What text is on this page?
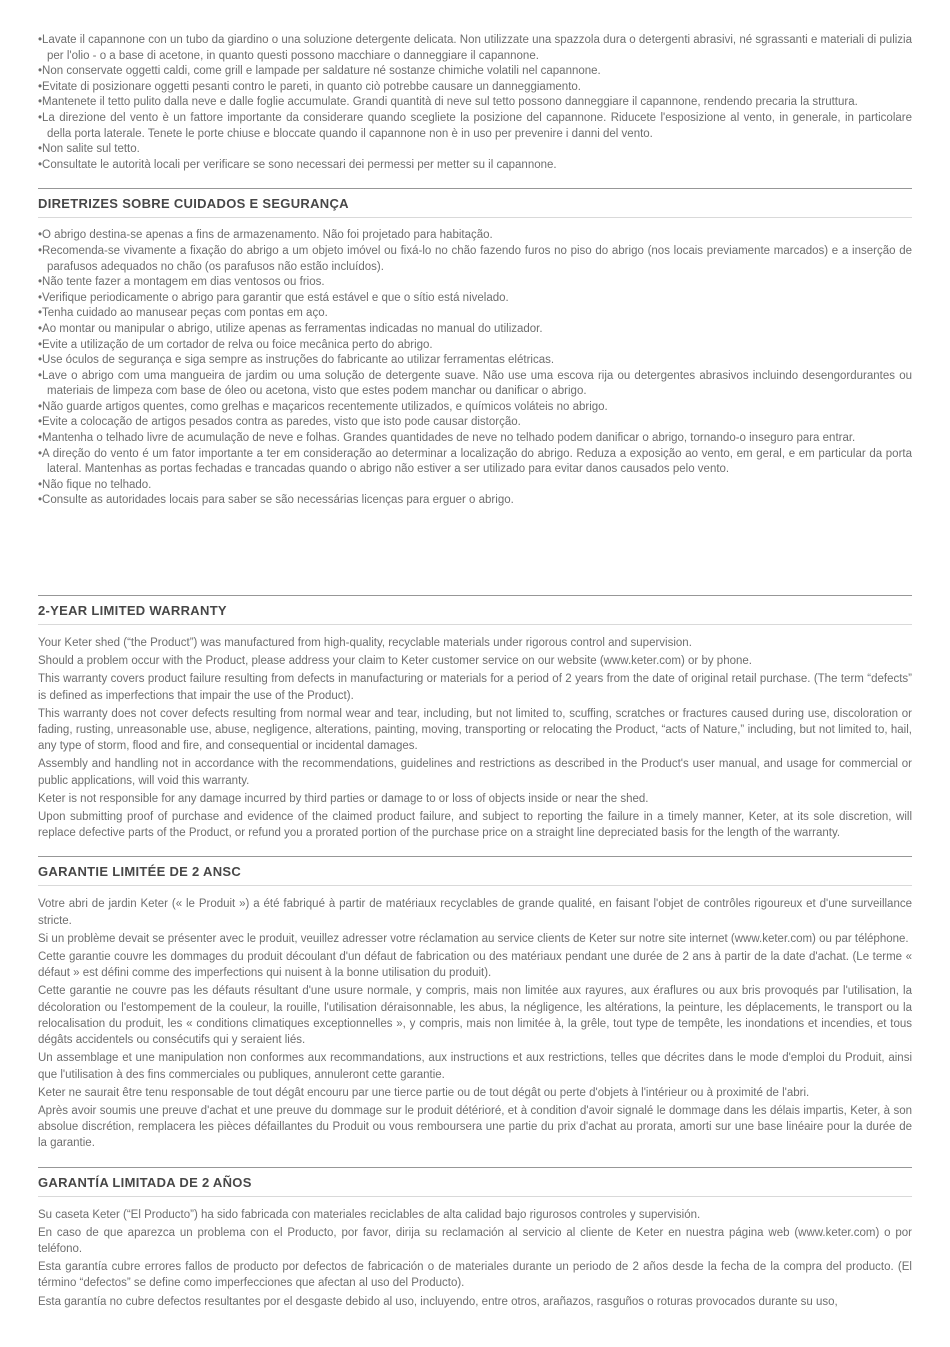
• Lavate il capannone con un tubo da giardino o una soluzione detergente delicata. Non utilizzate una spazzola dura o detergenti abrasivi, né sgrassanti e materiali di pulizia per l'olio - o a base di acetone, in quanto questi possono macchiare o danneggiare il capannone.
• Non conservate oggetti caldi, come grill e lampade per saldature né sostanze chimiche volatili nel capannone.
• Evitate di posizionare oggetti pesanti contro le pareti, in quanto ciò potrebbe causare un danneggiamento.
• Mantenete il tetto pulito dalla neve e dalle foglie accumulate. Grandi quantità di neve sul tetto possono danneggiare il capannone, rendendo precaria la struttura.
• La direzione del vento è un fattore importante da considerare quando scegliete la posizione del capannone. Riducete l'esposizione al vento, in generale, in particolare della porta laterale. Tenete le porte chiuse e bloccate quando il capannone non è in uso per prevenire i danni del vento.
• Non salite sul tetto.
• Consultate le autorità locali per verificare se sono necessari dei permessi per metter su il capannone.
DIRETRIZES SOBRE CUIDADOS E SEGURANÇA
• O abrigo destina-se apenas a fins de armazenamento. Não foi projetado para habitação.
• Recomenda-se vivamente a fixação do abrigo a um objeto imóvel ou fixá-lo no chão fazendo furos no piso do abrigo (nos locais previamente marcados) e a inserção de parafusos adequados no chão (os parafusos não estão incluídos).
• Não tente fazer a montagem em dias ventosos ou frios.
• Verifique periodicamente o abrigo para garantir que está estável e que o sítio está nivelado.
• Tenha cuidado ao manusear peças com pontas em aço.
• Ao montar ou manipular o abrigo, utilize apenas as ferramentas indicadas no manual do utilizador.
• Evite a utilização de um cortador de relva ou foice mecânica perto do abrigo.
• Use óculos de segurança e siga sempre as instruções do fabricante ao utilizar ferramentas elétricas.
• Lave o abrigo com uma mangueira de jardim ou uma solução de detergente suave. Não use uma escova rija ou detergentes abrasivos incluindo desengordurantes ou materiais de limpeza com base de óleo ou acetona, visto que estes podem manchar ou danificar o abrigo.
• Não guarde artigos quentes, como grelhas e maçaricos recentemente utilizados, e químicos voláteis no abrigo.
• Evite a colocação de artigos pesados contra as paredes, visto que isto pode causar distorção.
• Mantenha o telhado livre de acumulação de neve e folhas. Grandes quantidades de neve no telhado podem danificar o abrigo, tornando-o inseguro para entrar.
• A direção do vento é um fator importante a ter em consideração ao determinar a localização do abrigo. Reduza a exposição ao vento, em geral, e em particular da porta lateral. Mantenhas as portas fechadas e trancadas quando o abrigo não estiver a ser utilizado para evitar danos causados pelo vento.
• Não fique no telhado.
• Consulte as autoridades locais para saber se são necessárias licenças para erguer o abrigo.
2-YEAR LIMITED WARRANTY

Your Keter shed (“the Product”) was manufactured from high-quality, recyclable materials under rigorous control and supervision.

Should a problem occur with the Product, please address your claim to Keter customer service on our website (www.keter.com) or by phone.

This warranty covers product failure resulting from defects in manufacturing or materials for a period of 2 years from the date of original retail purchase. (The term “defects” is defined as imperfections that impair the use of the Product).

This warranty does not cover defects resulting from normal wear and tear, including, but not limited to, scuffing, scratches or fractures caused during use, discoloration or fading, rusting, unreasonable use, abuse, negligence, alterations, painting, moving, transporting or relocating the Product, “acts of Nature,” including, but not limited to, hail, any type of storm, flood and fire, and consequential or incidental damages.

Assembly and handling not in accordance with the recommendations, guidelines and restrictions as described in the Product's user manual, and usage for commercial or public applications, will void this warranty.

Keter is not responsible for any damage incurred by third parties or damage to or loss of objects inside or near the shed.

Upon submitting proof of purchase and evidence of the claimed product failure, and subject to reporting the failure in a timely manner, Keter, at its sole discretion, will replace defective parts of the Product, or refund you a prorated portion of the purchase price on a straight line depreciated basis for the length of the warranty.

GARANTIE LIMITÉE DE 2 ANSC

Votre abri de jardin Keter (« le Produit ») a été fabriqué à partir de matériaux recyclables de grande qualité, en faisant l'objet de contrôles rigoureux et d'une surveillance stricte.

Si un problème devait se présenter avec le produit, veuillez adresser votre réclamation au service clients de Keter sur notre site internet (www.keter.com) ou par téléphone.

Cette garantie couvre les dommages du produit découlant d'un défaut de fabrication ou des matériaux pendant une durée de 2 ans à partir de la date d'achat. (Le terme « défaut » est défini comme des imperfections qui nuisent à la bonne utilisation du produit).

Cette garantie ne couvre pas les défauts résultant d'une usure normale, y compris, mais non limitée aux rayures, aux éraflures ou aux bris provoqués par l'utilisation, la décoloration ou l'estompement de la couleur, la rouille, l'utilisation déraisonnable, les abus, la négligence, les altérations, la peinture, les déplacements, le transport ou la relocalisation du produit, les « conditions climatiques exceptionnelles », y compris, mais non limitée à, la grêle, tout type de tempête, les inondations et incendies, et tous dégâts accidentels ou consécutifs qui y seraient liés.

Un assemblage et une manipulation non conformes aux recommandations, aux instructions et aux restrictions, telles que décrites dans le mode d'emploi du Produit, ainsi que l'utilisation à des fins commerciales ou publiques, annuleront cette garantie.

Keter ne saurait être tenu responsable de tout dégât encouru par une tierce partie ou de tout dégât ou perte d'objets à l'intérieur ou à proximité de l'abri.

Après avoir soumis une preuve d'achat et une preuve du dommage sur le produit détérioré, et à condition d'avoir signalé le dommage dans les délais impartis, Keter, à son absolue discrétion, remplacera les pièces défaillantes du Produit ou vous remboursera une partie du prix d'achat au prorata, amorti sur une base linéaire pour la durée de la garantie.

GARANTÍA LIMITADA DE 2 AÑOS

Su caseta Keter (“El Producto”) ha sido fabricada con materiales reciclables de alta calidad bajo rigurosos controles y supervisión.

En caso de que aparezca un problema con el Producto, por favor, dirija su reclamación al servicio al cliente de Keter en nuestra página web (www.keter.com) o por teléfono.

Esta garantía cubre errores fallos de producto por defectos de fabricación o de materiales durante un periodo de 2 años desde la fecha de la compra del producto. (El término “defectos” se define como imperfecciones que afectan al uso del Producto).

Esta garantía no cubre defectos resultantes por el desgaste debido al uso, incluyendo, entre otros, arañazos, rasguños o roturas provocados durante su uso,
